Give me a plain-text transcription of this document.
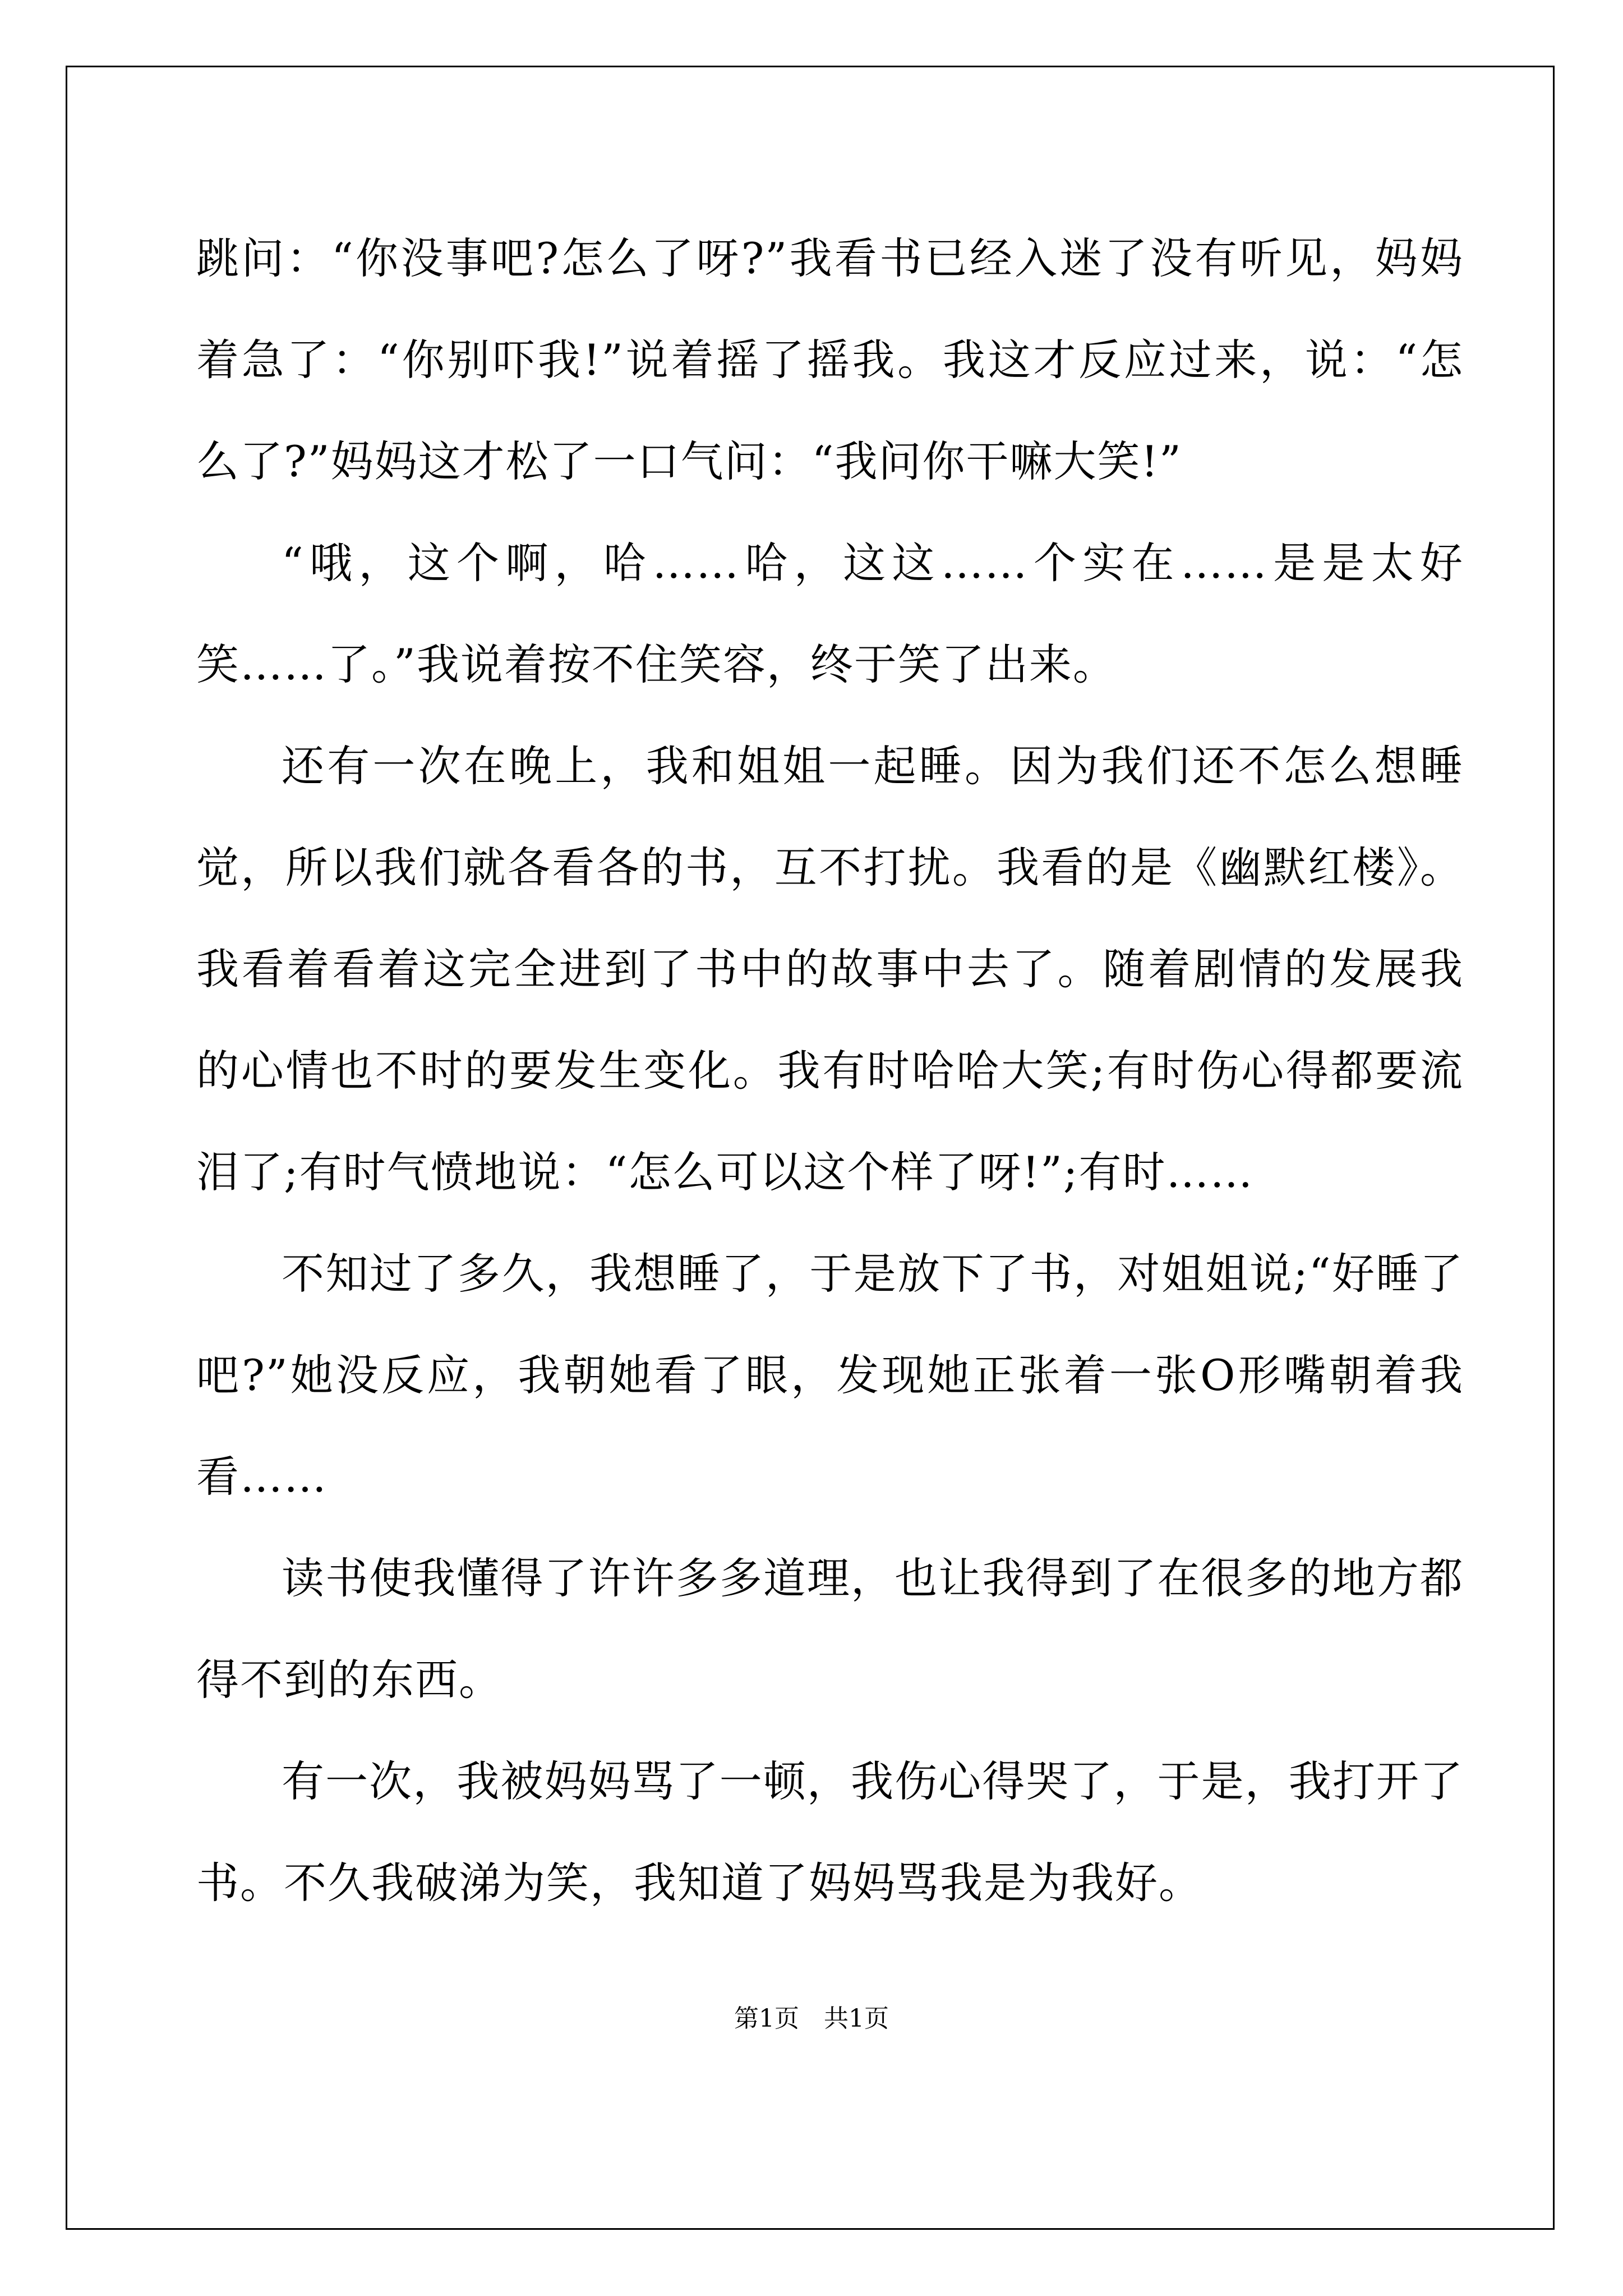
跳问：“你没事吧?怎么了呀?”我看书已经入迷了没有听见，妈妈着急了：“你别吓我!”说着摇了摇我。我这才反应过来，说：“怎么了?”妈妈这才松了一口气问：“我问你干嘛大笑!”

“哦，这个啊，哈……哈，这这……个实在……是是太好笑……了。”我说着按不住笑容，终于笑了出来。

还有一次在晚上，我和姐姐一起睡。因为我们还不怎么想睡觉，所以我们就各看各的书，互不打扰。我看的是《幽默红楼》。我看着看着这完全进到了书中的故事中去了。随着剧情的发展我的心情也不时的要发生变化。我有时哈哈大笑;有时伤心得都要流泪了;有时气愤地说：“怎么可以这个样了呀!”;有时……

不知过了多久，我想睡了，于是放下了书，对姐姐说;“好睡了吧?”她没反应，我朝她看了眼，发现她正张着一张O形嘴朝着我看……

读书使我懂得了许许多多道理，也让我得到了在很多的地方都得不到的东西。

有一次，我被妈妈骂了一顿，我伤心得哭了，于是，我打开了书。不久我破涕为笑，我知道了妈妈骂我是为我好。

第1页　共1页
